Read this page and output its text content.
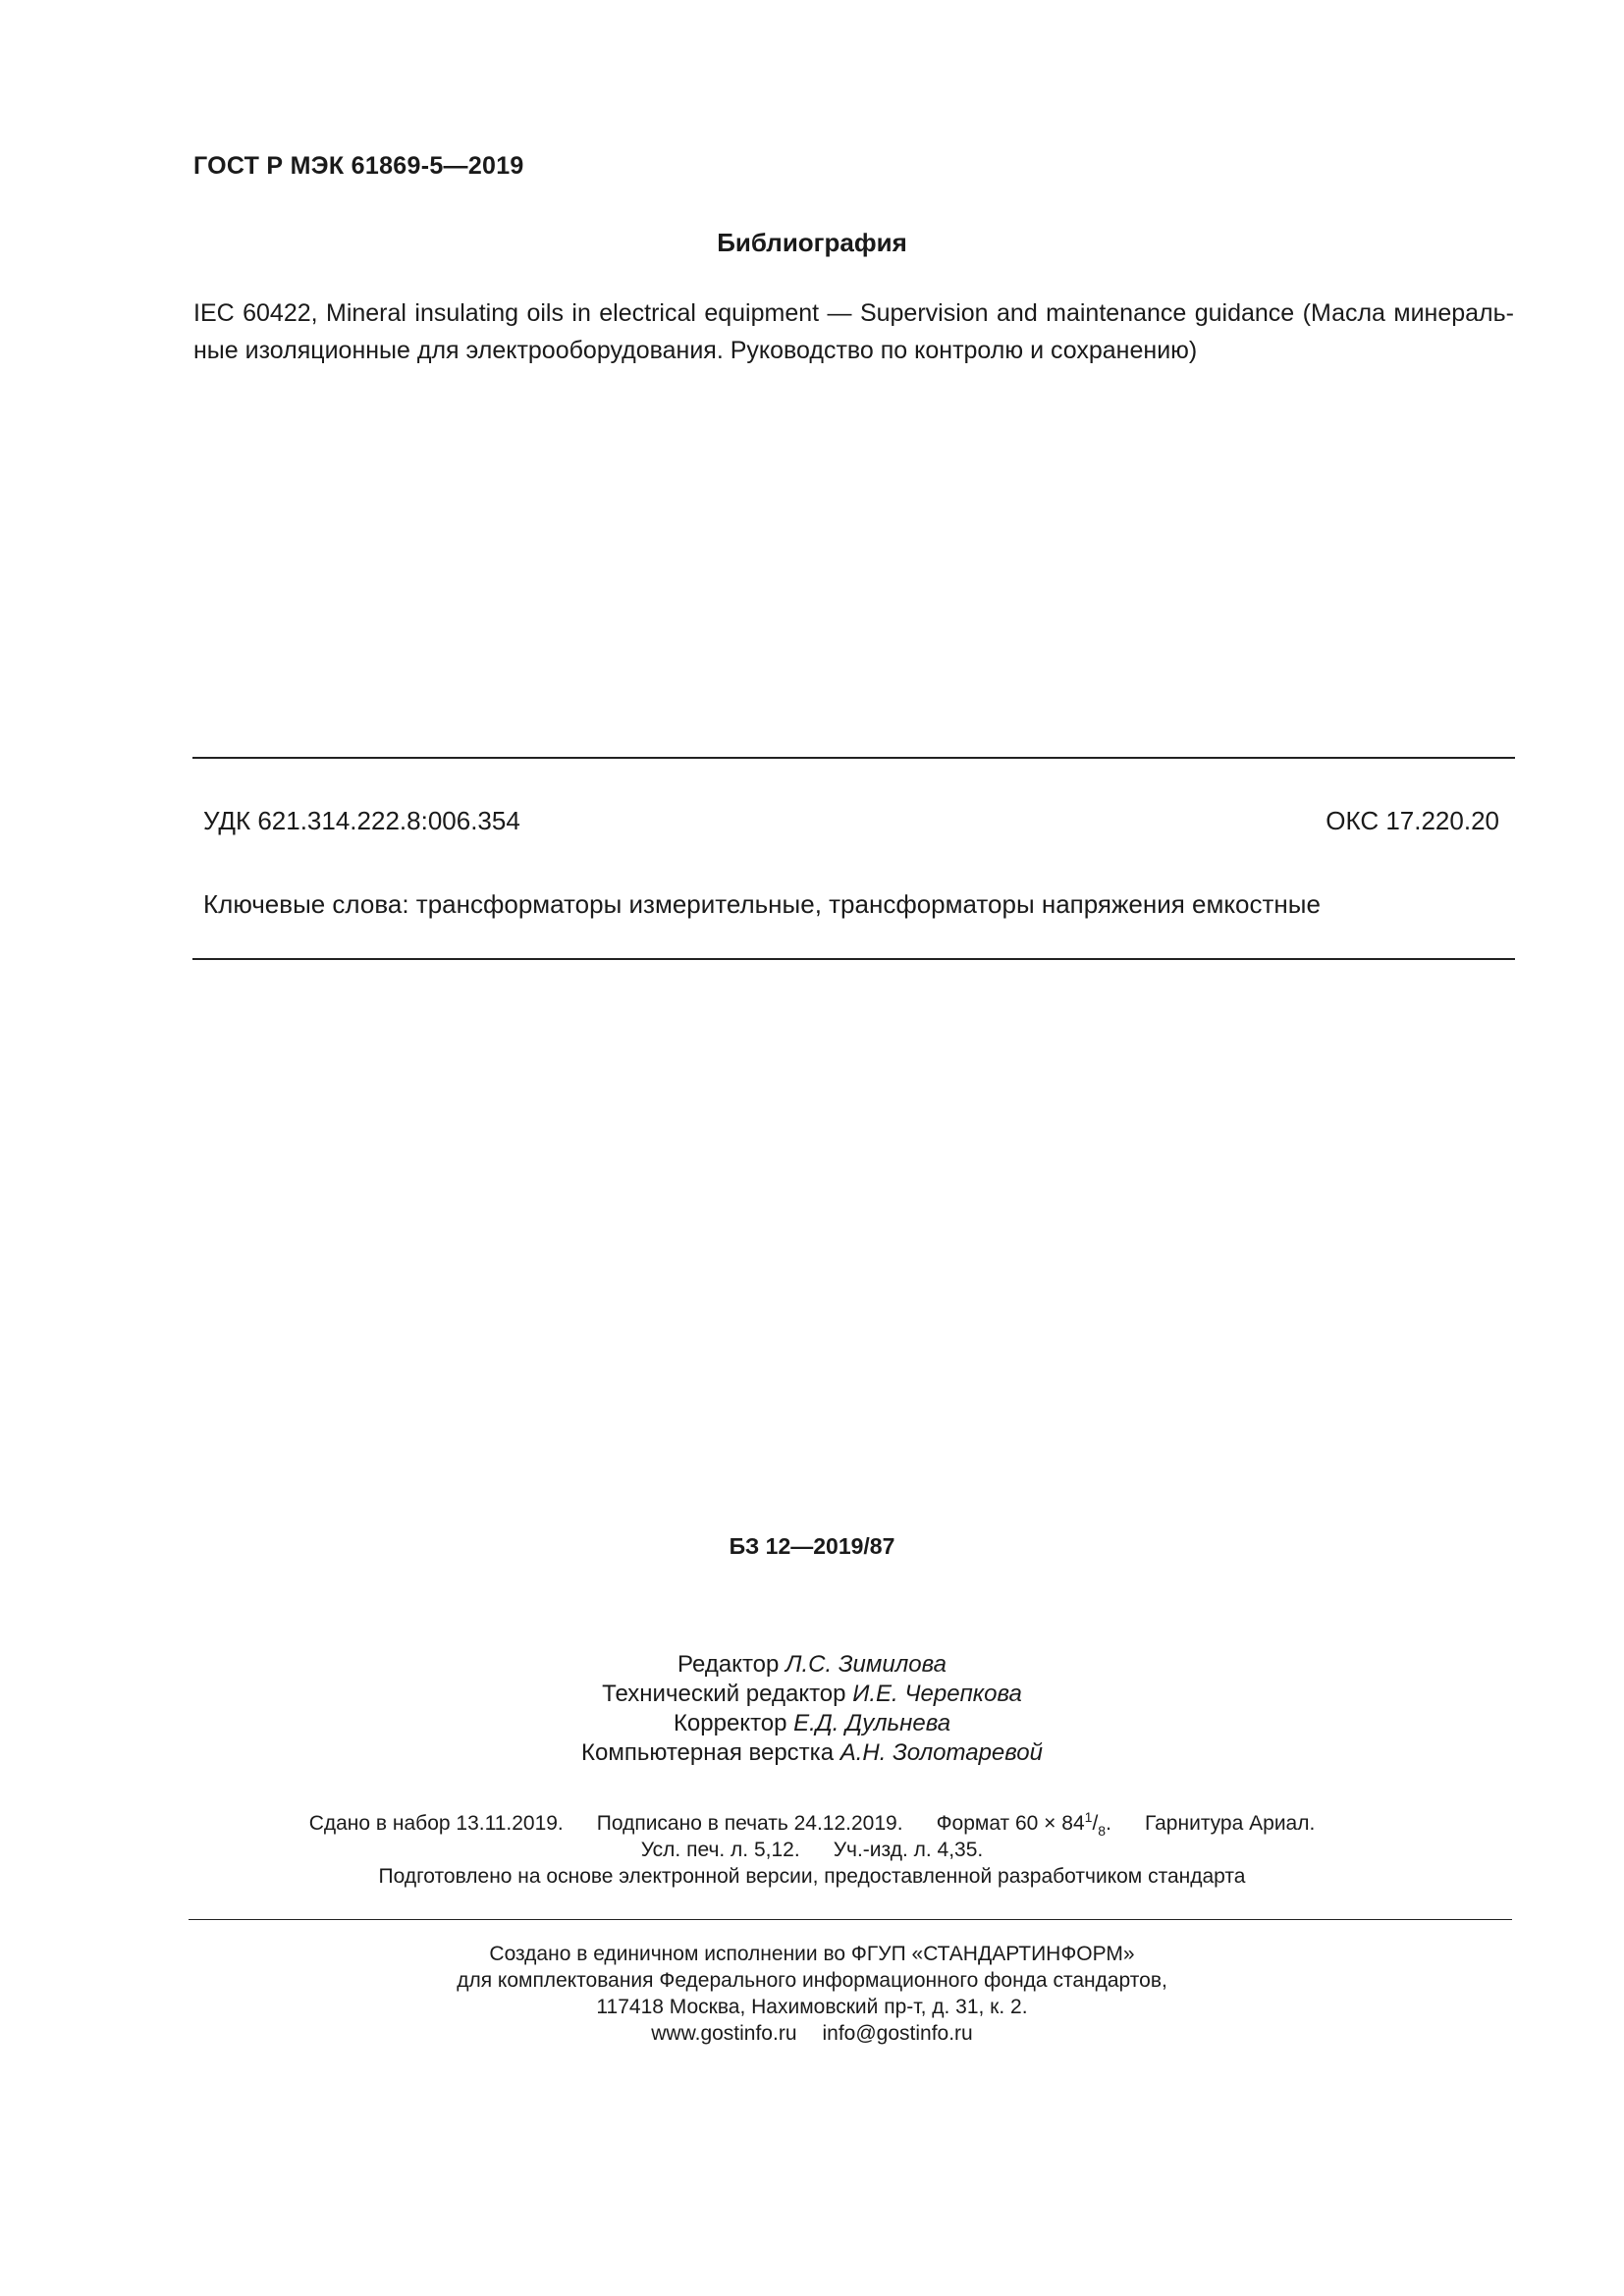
ГОСТ Р МЭК 61869-5—2019
Библиография
IEC 60422, Mineral insulating oils in electrical equipment — Supervision and maintenance guidance (Масла минераль-ные изоляционные для электрооборудования. Руководство по контролю и сохранению)
УДК 621.314.222.8:006.354	ОКС 17.220.20
Ключевые слова: трансформаторы измерительные, трансформаторы напряжения емкостные
БЗ 12—2019/87
Редактор Л.С. Зимилова
Технический редактор И.Е. Черепкова
Корректор Е.Д. Дульнева
Компьютерная верстка А.Н. Золотаревой
Сдано в набор 13.11.2019. Подписано в печать 24.12.2019. Формат $60 \times 84^1/_8$. Гарнитура Ариал.
Усл. печ. л. 5,12. Уч.-изд. л. 4,35.
Подготовлено на основе электронной версии, предоставленной разработчиком стандарта
Создано в единичном исполнении во ФГУП «СТАНДАРТИНФОРМ»
для комплектования Федерального информационного фонда стандартов,
117418 Москва, Нахимовский пр-т, д. 31, к. 2.
www.gostinfo.ru info@gostinfo.ru
